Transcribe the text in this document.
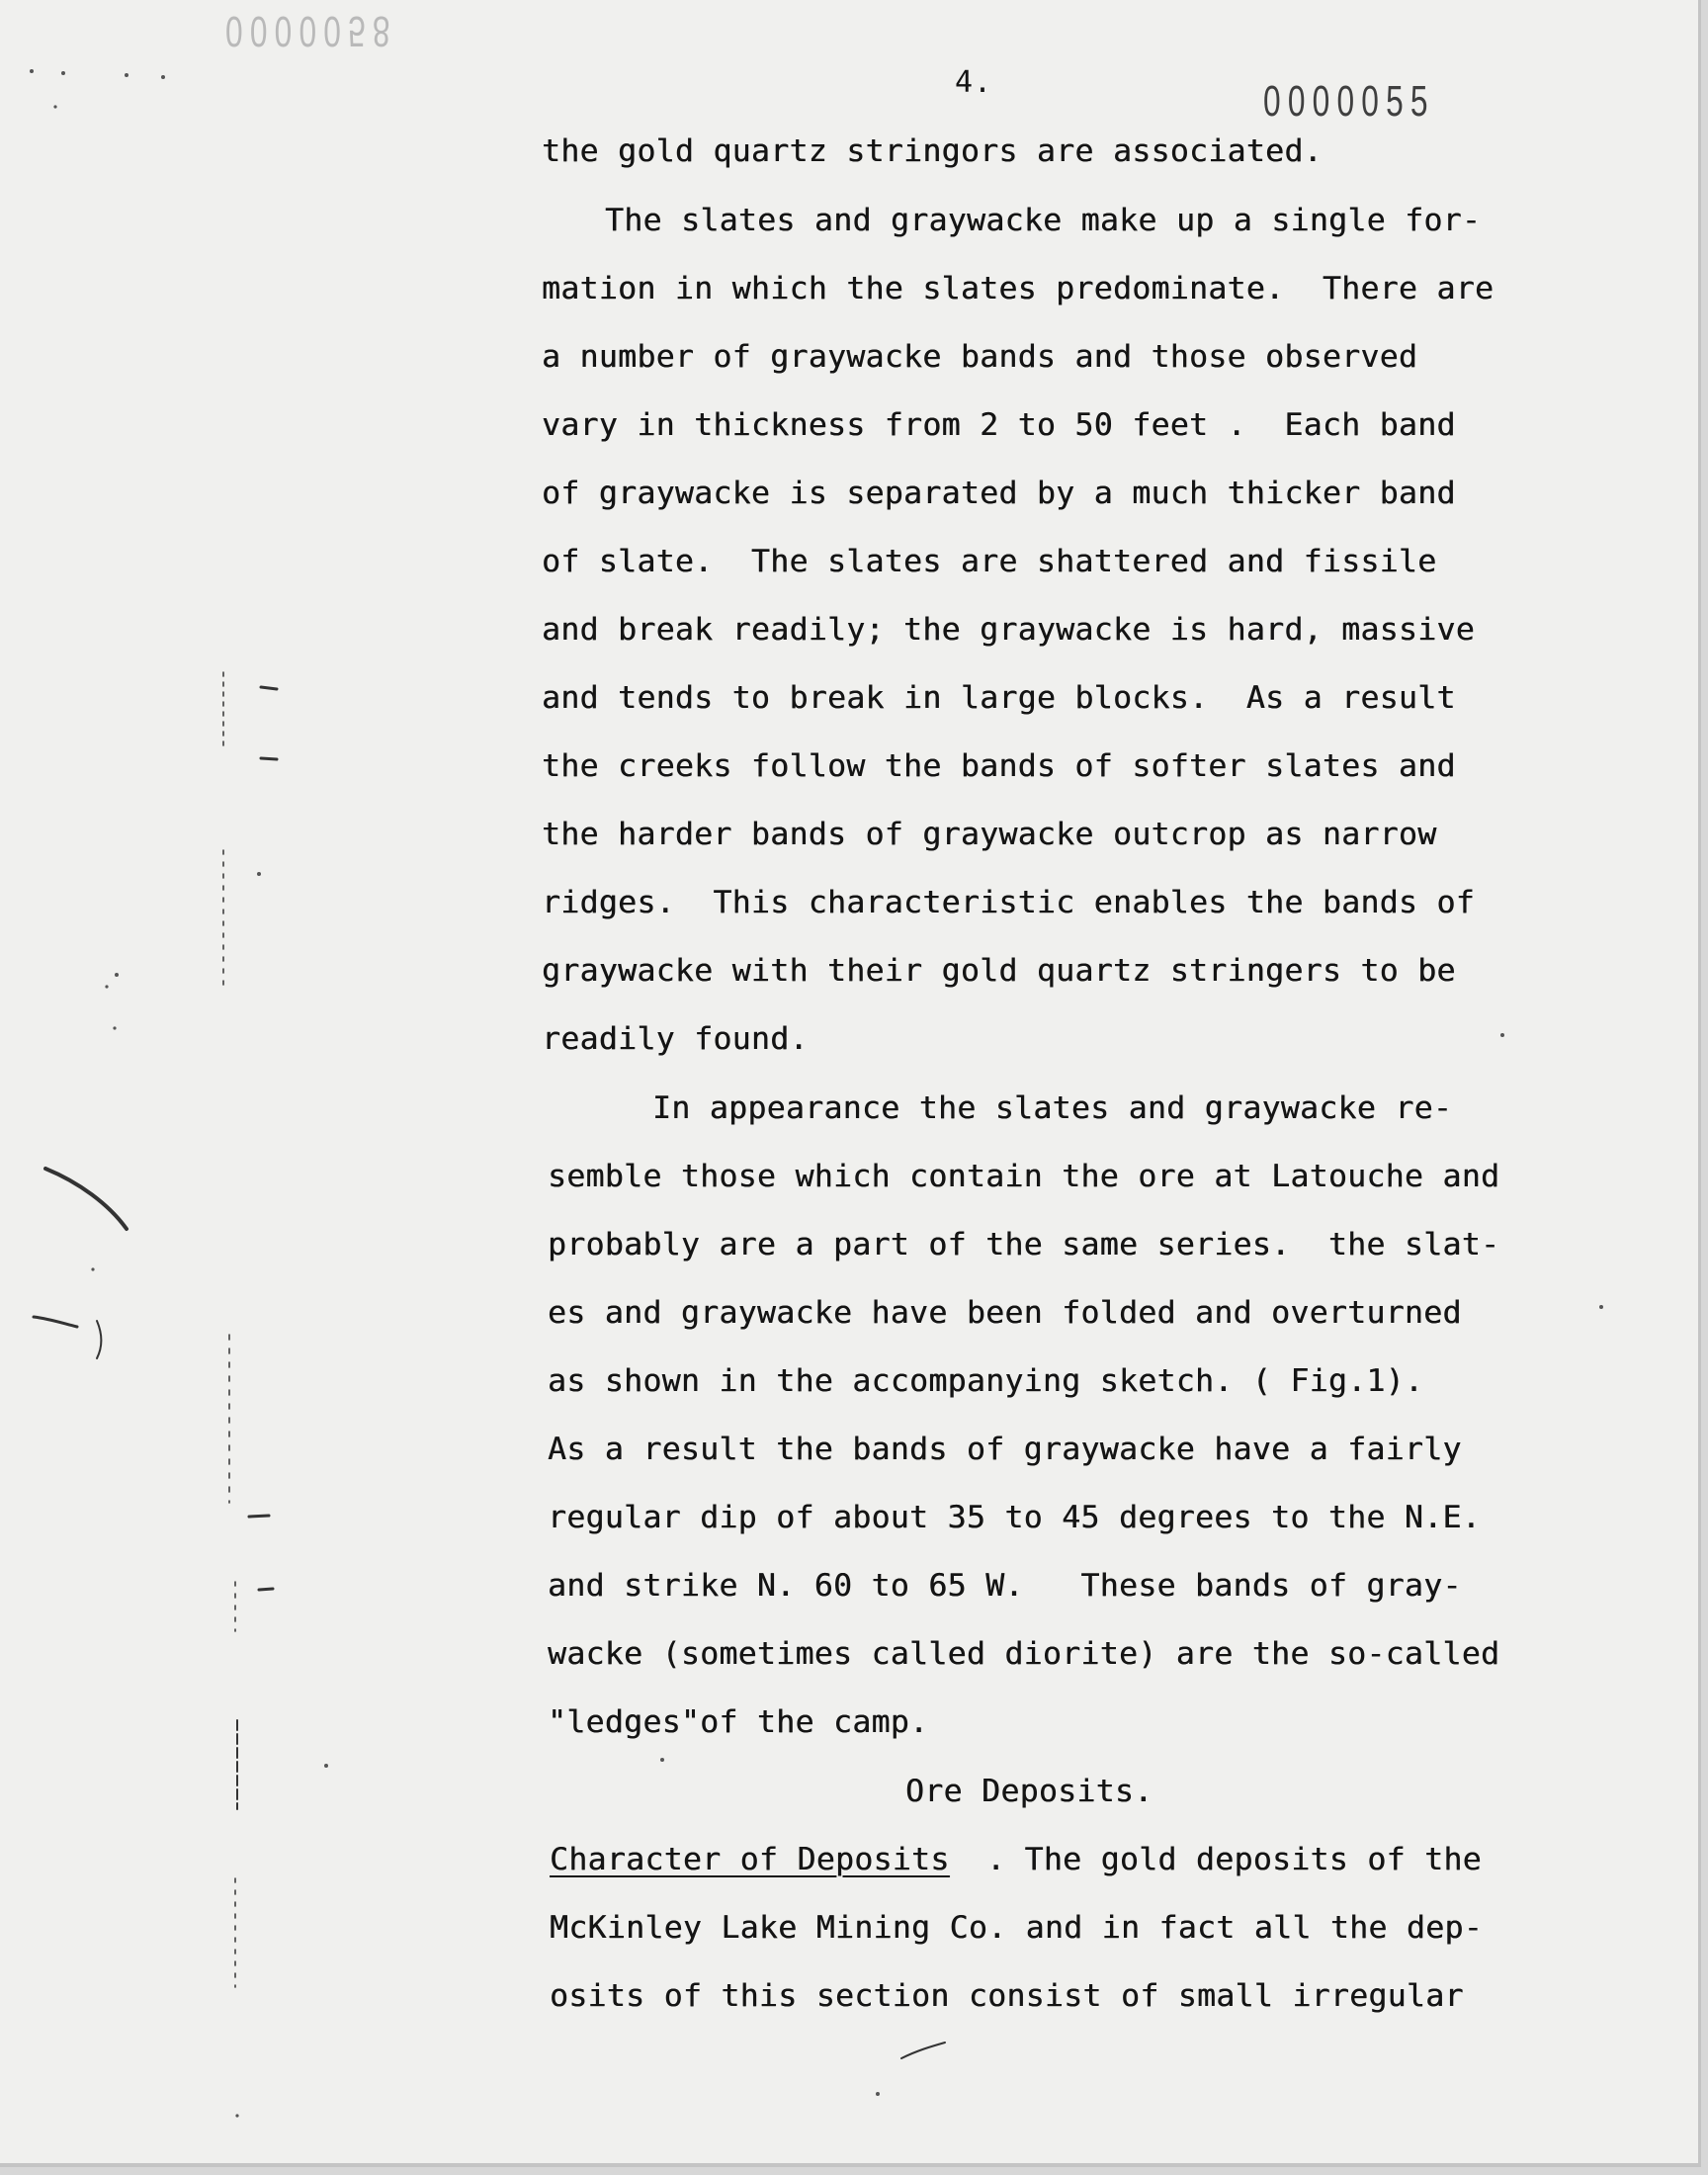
0000058
4.	0000055
the gold quartz stringors are associated.
The slates and graywacke make up a single for-
mation in which the slates predominate.  There are
a number of graywacke bands and those observed
vary in thickness from 2 to 50 feet .  Each band
of graywacke is separated by a much thicker band
of slate.  The slates are shattered and fissile
and break readily; the graywacke is hard, massive
and tends to break in large blocks.  As a result
the creeks follow the bands of softer slates and
the harder bands of graywacke outcrop as narrow
ridges.  This characteristic enables the bands of
graywacke with their gold quartz stringers to be
readily found.
In appearance the slates and graywacke re-
semble those which contain the ore at Latouche and
probably are a part of the same series.  the slat-
es and graywacke have been folded and overturned
as shown in the accompanying sketch. ( Fig.1).
As a result the bands of graywacke have a fairly
regular dip of about 35 to 45 degrees to the N.E.
and strike N. 60 to 65 W.   These bands of gray-
wacke (sometimes called diorite) are the so-called
"ledges"of the camp.
Ore Deposits.
Character of Deposits . The gold deposits of the
McKinley Lake Mining Co. and in fact all the dep-
osits of this section consist of small irregular
